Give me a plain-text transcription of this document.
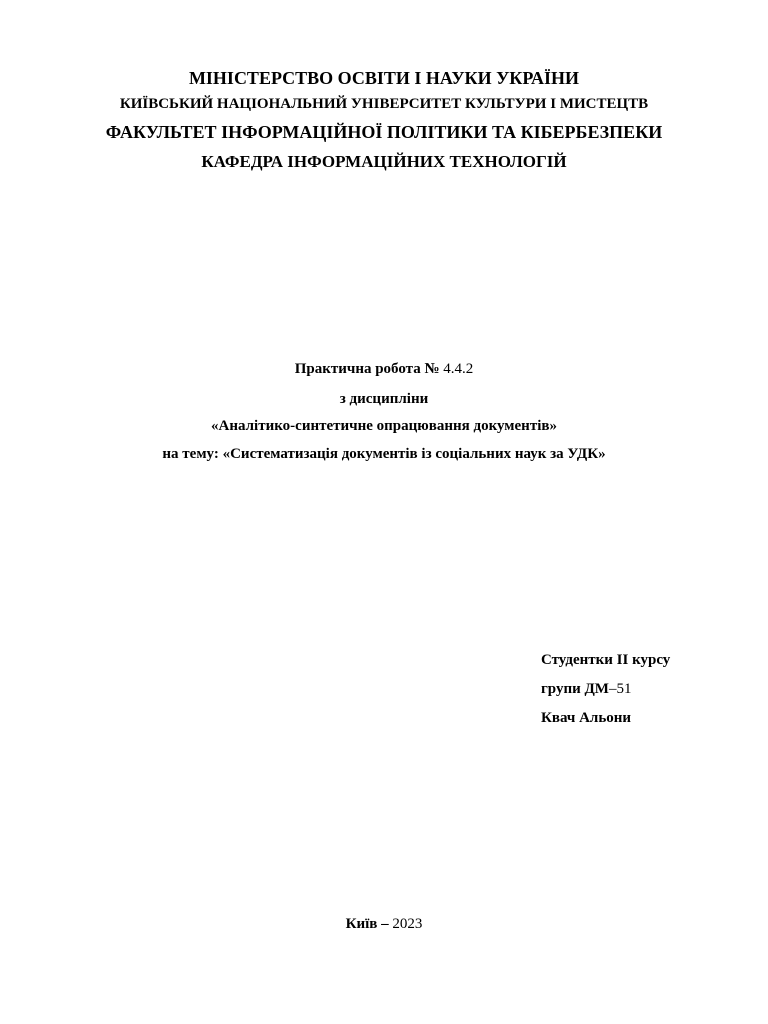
МІНІСТЕРСТВО ОСВІТИ І НАУКИ УКРАЇНИ
КИЇВСЬКИЙ НАЦІОНАЛЬНИЙ УНІВЕРСИТЕТ КУЛЬТУРИ І МИСТЕЦТВ
ФАКУЛЬТЕТ ІНФОРМАЦІЙНОЇ ПОЛІТИКИ ТА КІБЕРБЕЗПЕКИ
КАФЕДРА ІНФОРМАЦІЙНИХ ТЕХНОЛОГІЙ
Практична робота № 4.4.2
з дисципліни
«Аналітико-синтетичне опрацювання документів»
на тему: «Систематизація документів із соціальних наук за УДК»
Студентки ІІ курсу
групи ДМ–51
Квач Альони
Київ – 2023
